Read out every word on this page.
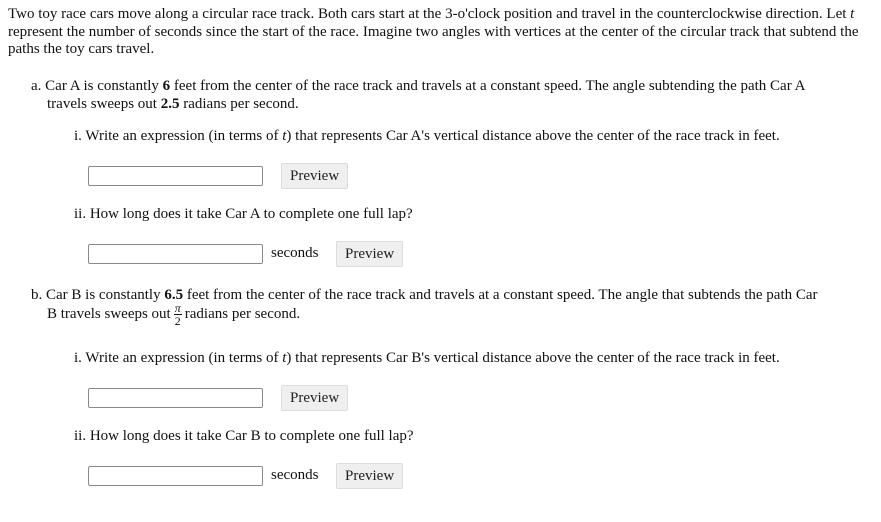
Two toy race cars move along a circular race track. Both cars start at the 3-o'clock position and travel in the counterclockwise direction. Let t represent the number of seconds since the start of the race. Imagine two angles with vertices at the center of the circular track that subtend the paths the toy cars travel.
a. Car A is constantly 6 feet from the center of the race track and travels at a constant speed. The angle subtending the path Car A
travels sweeps out 2.5 radians per second.
i. Write an expression (in terms of t) that represents Car A's vertical distance above the center of the race track in feet.
Preview
ii. How long does it take Car A to complete one full lap?
seconds	Preview
b. Car B is constantly 6.5 feet from the center of the race track and travels at a constant speed. The angle that subtends the path Car
B travels sweeps out $\frac{\pi}{2}$ radians per second.
i. Write an expression (in terms of t) that represents Car B's vertical distance above the center of the race track in feet.
Preview
ii. How long does it take Car B to complete one full lap?
seconds	Preview
